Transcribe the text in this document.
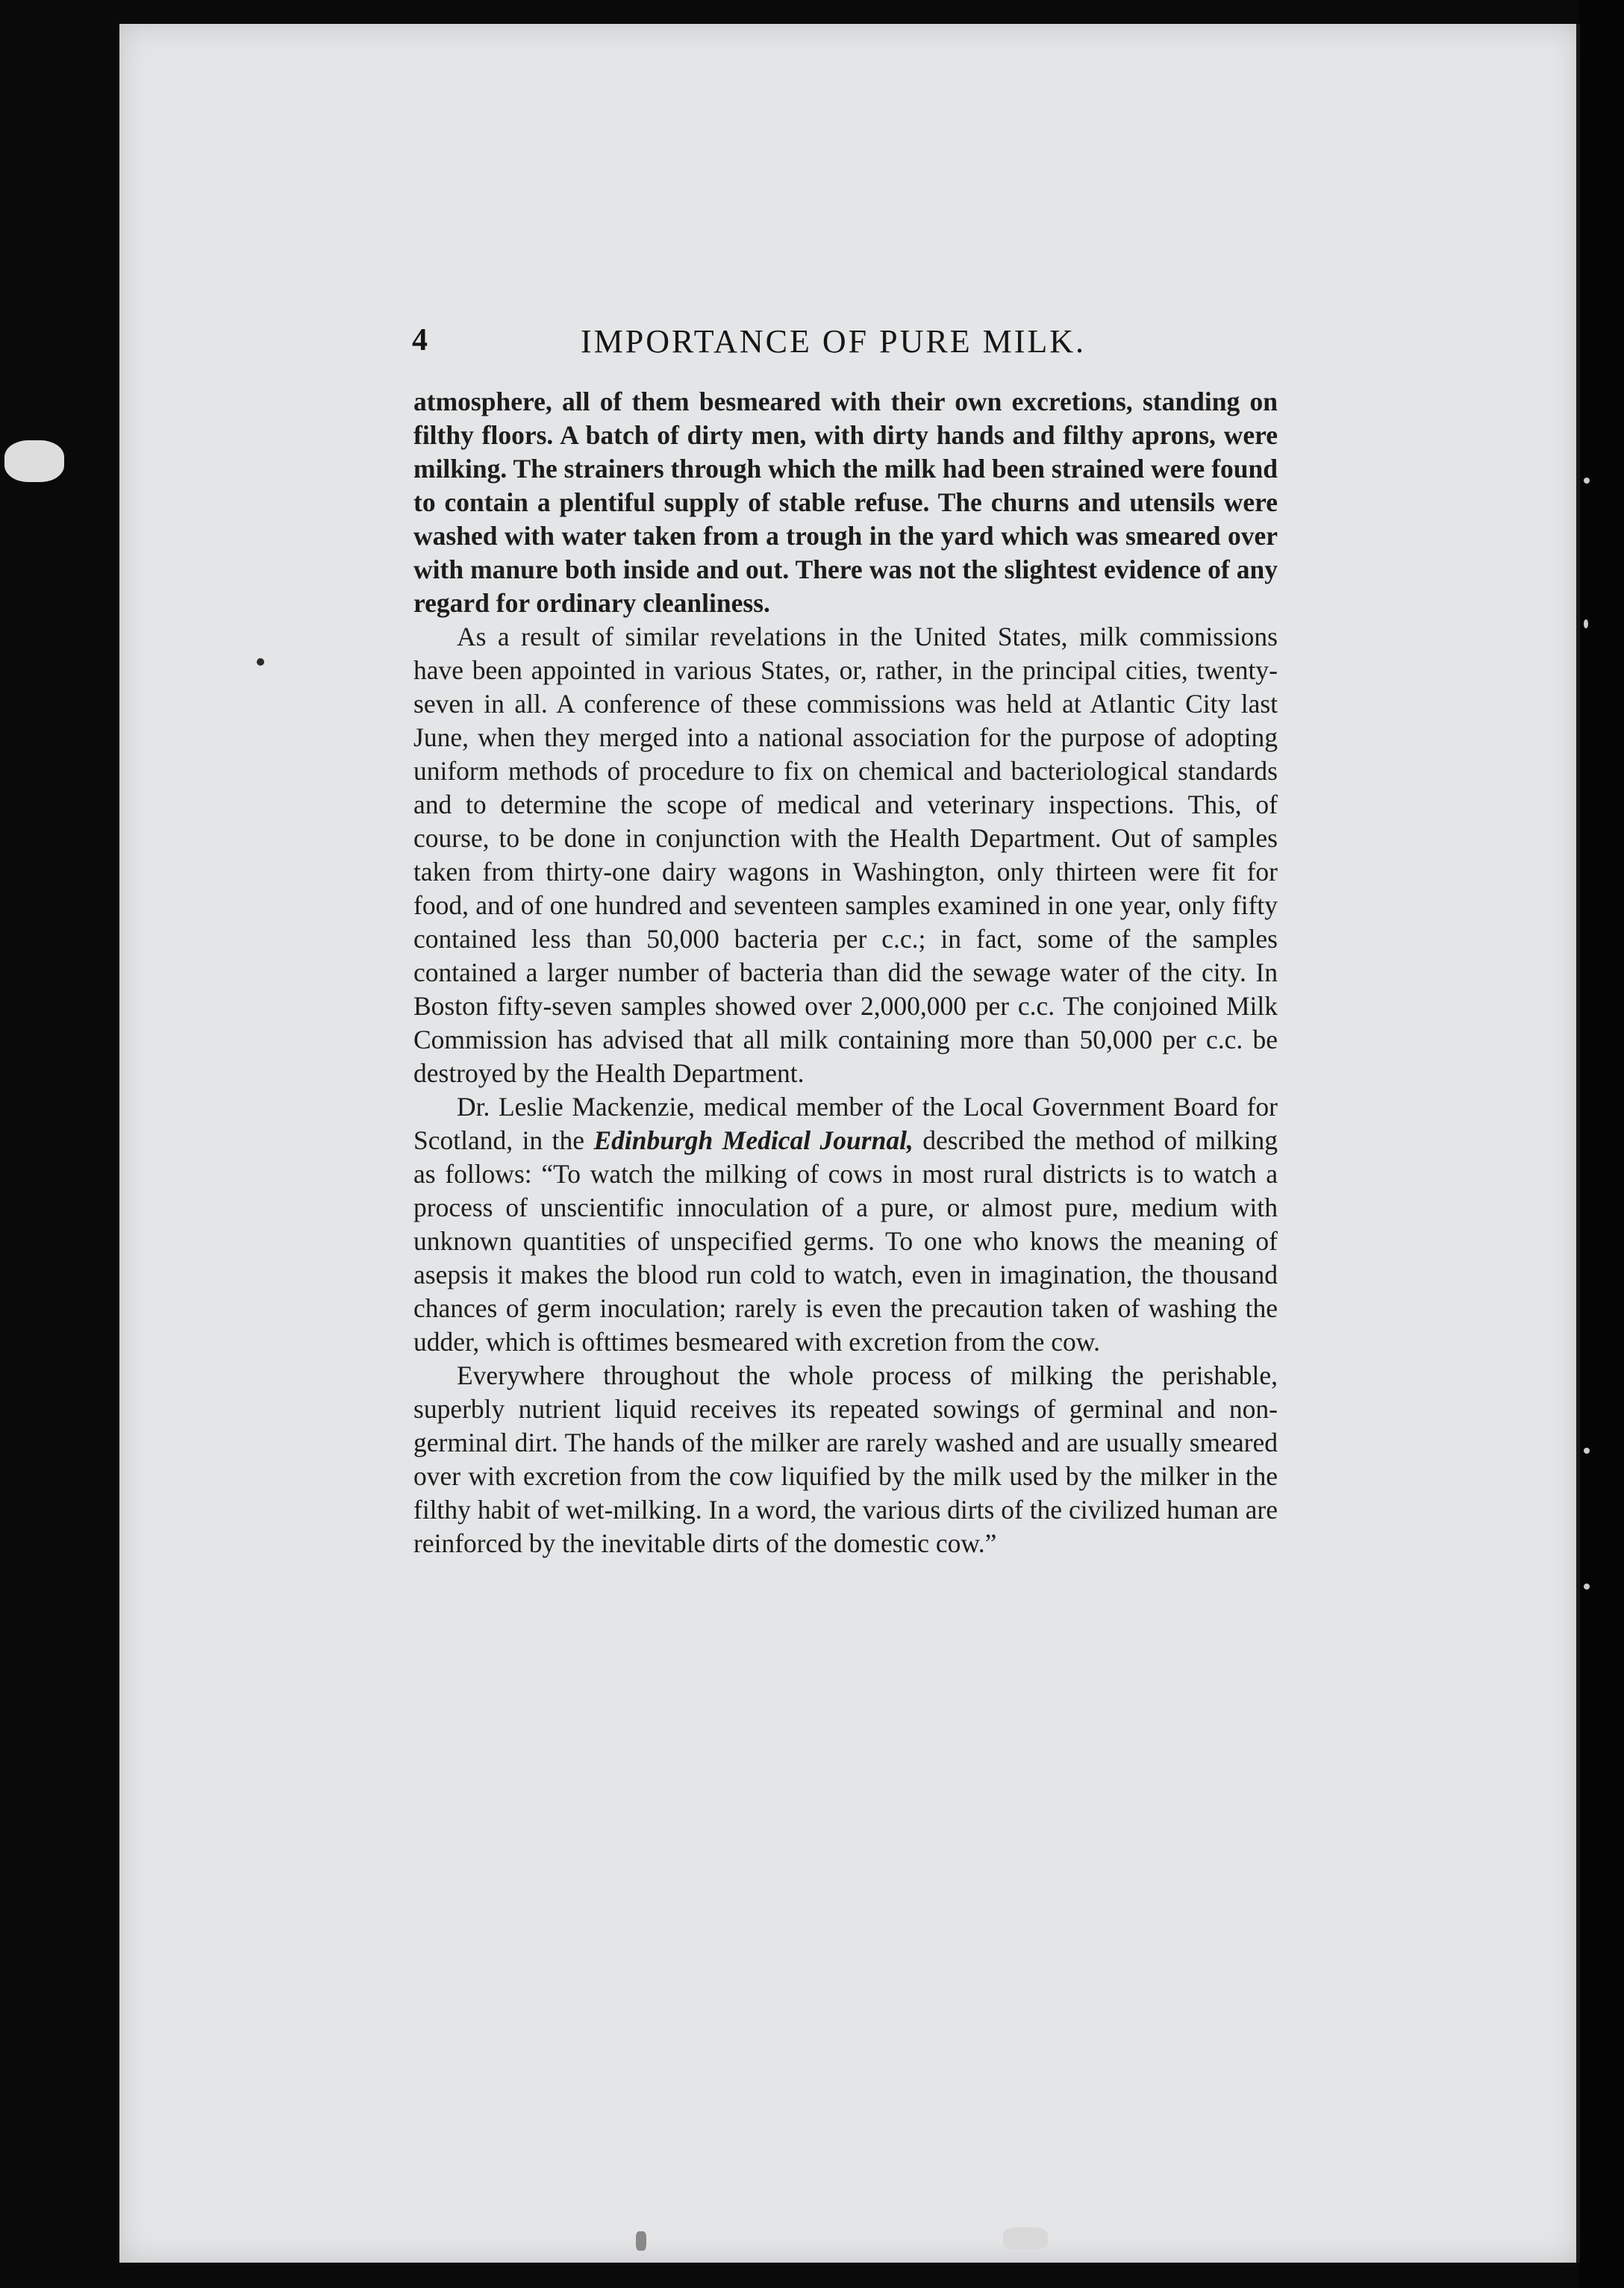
4	IMPORTANCE OF PURE MILK.

atmosphere, all of them besmeared with their own excretions, standing on filthy floors. A batch of dirty men, with dirty hands and filthy aprons, were milking. The strainers through which the milk had been strained were found to contain a plentiful supply of stable refuse. The churns and utensils were washed with water taken from a trough in the yard which was smeared over with manure both inside and out. There was not the slightest evidence of any regard for ordinary cleanliness.

As a result of similar revelations in the United States, milk commissions have been appointed in various States, or, rather, in the principal cities, twenty-seven in all. A conference of these commissions was held at Atlantic City last June, when they merged into a national association for the purpose of adopting uniform methods of procedure to fix on chemical and bacteriological standards and to determine the scope of medical and veterinary inspections. This, of course, to be done in conjunction with the Health Department. Out of samples taken from thirty-one dairy wagons in Washington, only thirteen were fit for food, and of one hundred and seventeen samples examined in one year, only fifty contained less than 50,000 bacteria per c.c.; in fact, some of the samples contained a larger number of bacteria than did the sewage water of the city. In Boston fifty-seven samples showed over 2,000,000 per c.c. The conjoined Milk Commission has advised that all milk containing more than 50,000 per c.c. be destroyed by the Health Department.

Dr. Leslie Mackenzie, medical member of the Local Government Board for Scotland, in the Edinburgh Medical Journal, described the method of milking as follows: “To watch the milking of cows in most rural districts is to watch a process of unscientific innoculation of a pure, or almost pure, medium with unknown quantities of unspecified germs. To one who knows the meaning of asepsis it makes the blood run cold to watch, even in imagination, the thousand chances of germ inoculation; rarely is even the precaution taken of washing the udder, which is ofttimes besmeared with excretion from the cow.

Everywhere throughout the whole process of milking the perishable, superbly nutrient liquid receives its repeated sowings of germinal and non-germinal dirt. The hands of the milker are rarely washed and are usually smeared over with excretion from the cow liquified by the milk used by the milker in the filthy habit of wet-milking. In a word, the various dirts of the civilized human are reinforced by the inevitable dirts of the domestic cow.”
